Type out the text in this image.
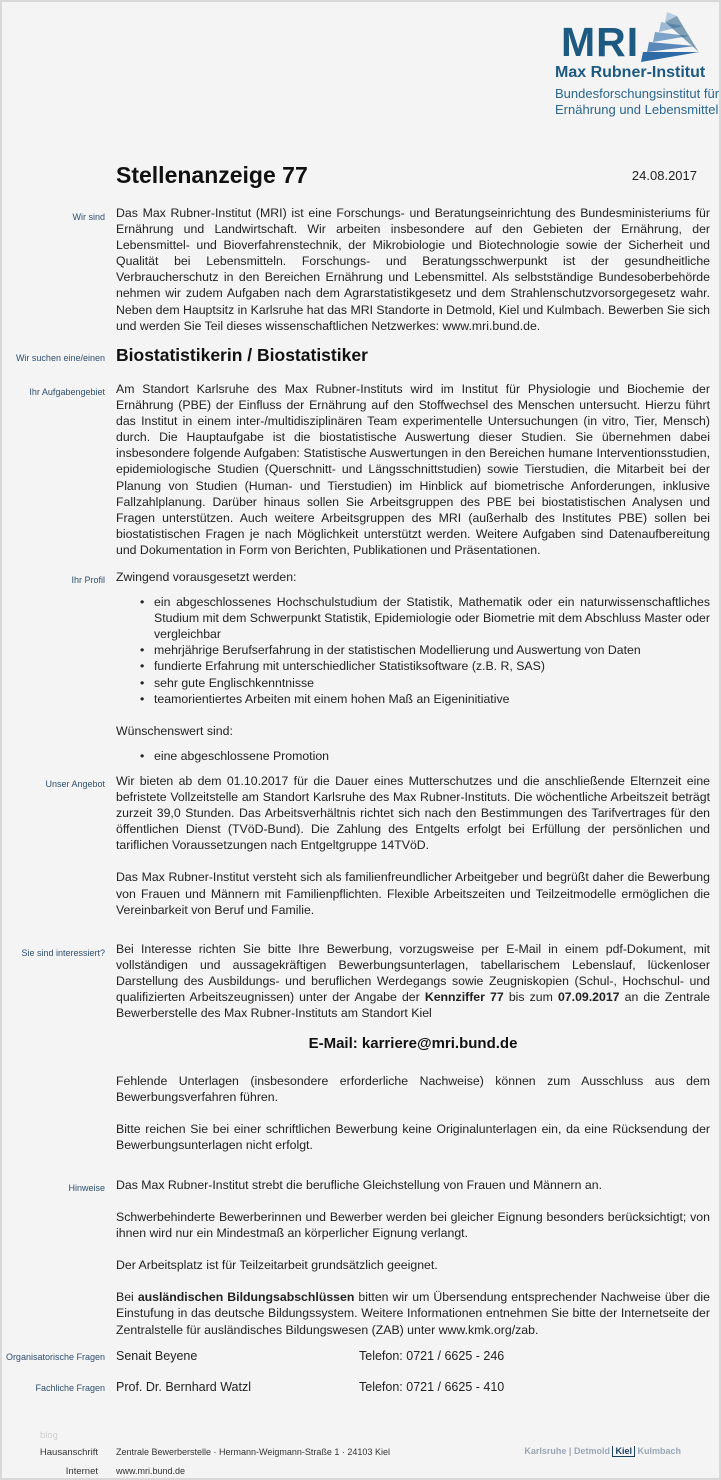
MRI
Max Rubner-Institut
Bundesforschungsinstitut für
Ernährung und Lebensmittel
Stellenanzeige 77	24.08.2017
Wir sind Das Max Rubner-Institut (MRI) ist eine Forschungs- und Beratungseinrichtung des Bundesministeriums für Ernährung und Landwirtschaft. Wir arbeiten insbesondere auf den Gebieten der Ernährung, der Lebensmittel- und Bioverfahrenstechnik, der Mikrobiologie und Biotechnologie sowie der Sicherheit und Qualität bei Lebensmitteln. Forschungs- und Beratungsschwerpunkt ist der gesundheitliche Verbraucherschutz in den Bereichen Ernährung und Lebensmittel. Als selbstständige Bundesoberbehörde nehmen wir zudem Aufgaben nach dem Agrarstatistikgesetz und dem Strahlenschutzvorsorgegesetz wahr. Neben dem Hauptsitz in Karlsruhe hat das MRI Standorte in Detmold, Kiel und Kulmbach. Bewerben Sie sich und werden Sie Teil dieses wissenschaftlichen Netzwerkes: www.mri.bund.de.
Wir suchen eine/einen Biostatistikerin / Biostatistiker
Ihr Aufgabengebiet Am Standort Karlsruhe des Max Rubner-Instituts wird im Institut für Physiologie und Biochemie der Ernährung (PBE) der Einfluss der Ernährung auf den Stoffwechsel des Menschen untersucht. Hierzu führt das Institut in einem inter-/multidisziplinären Team experimentelle Untersuchungen (in vitro, Tier, Mensch) durch. Die Hauptaufgabe ist die biostatistische Auswertung dieser Studien. Sie übernehmen dabei insbesondere folgende Aufgaben: Statistische Auswertungen in den Bereichen humane Interventionsstudien, epidemiologische Studien (Querschnitt- und Längsschnittstudien) sowie Tierstudien, die Mitarbeit bei der Planung von Studien (Human- und Tierstudien) im Hinblick auf biometrische Anforderungen, inklusive Fallzahlplanung. Darüber hinaus sollen Sie Arbeitsgruppen des PBE bei biostatistischen Analysen und Fragen unterstützen. Auch weitere Arbeitsgruppen des MRI (außerhalb des Institutes PBE) sollen bei biostatistischen Fragen je nach Möglichkeit unterstützt werden. Weitere Aufgaben sind Datenaufbereitung und Dokumentation in Form von Berichten, Publikationen und Präsentationen.
Ihr Profil Zwingend vorausgesetzt werden:

• ein abgeschlossenes Hochschulstudium der Statistik, Mathematik oder ein naturwissenschaftliches Studium mit dem Schwerpunkt Statistik, Epidemiologie oder Biometrie mit dem Abschluss Master oder vergleichbar
• mehrjährige Berufserfahrung in der statistischen Modellierung und Auswertung von Daten
• fundierte Erfahrung mit unterschiedlicher Statistiksoftware (z.B. R, SAS)
• sehr gute Englischkenntnisse
• teamorientiertes Arbeiten mit einem hohen Maß an Eigeninitiative

Wünschenswert sind:

• eine abgeschlossene Promotion
Unser Angebot Wir bieten ab dem 01.10.2017 für die Dauer eines Mutterschutzes und die anschließende Elternzeit eine befristete Vollzeitstelle am Standort Karlsruhe des Max Rubner-Instituts. Die wöchentliche Arbeitszeit beträgt zurzeit 39,0 Stunden. Das Arbeitsverhältnis richtet sich nach den Bestimmungen des Tarifvertrages für den öffentlichen Dienst (TVöD-Bund). Die Zahlung des Entgelts erfolgt bei Erfüllung der persönlichen und tariflichen Voraussetzungen nach Entgeltgruppe 14TVöD.

Das Max Rubner-Institut versteht sich als familienfreundlicher Arbeitgeber und begrüßt daher die Bewerbung von Frauen und Männern mit Familienpflichten. Flexible Arbeitszeiten und Teilzeitmodelle ermöglichen die Vereinbarkeit von Beruf und Familie.

Sie sind interessiert? Bei Interesse richten Sie bitte Ihre Bewerbung, vorzugsweise per E-Mail in einem pdf-Dokument, mit vollständigen und aussagekräftigen Bewerbungsunterlagen, tabellarischem Lebenslauf, lückenloser Darstellung des Ausbildungs- und beruflichen Werdegangs sowie Zeugniskopien (Schul-, Hochschul- und qualifizierten Arbeitszeugnissen) unter der Angabe der Kennziffer 77 bis zum 07.09.2017 an die Zentrale Bewerberstelle des Max Rubner-Instituts am Standort Kiel

E-Mail: karriere@mri.bund.de

Fehlende Unterlagen (insbesondere erforderliche Nachweise) können zum Ausschluss aus dem Bewerbungsverfahren führen.

Bitte reichen Sie bei einer schriftlichen Bewerbung keine Originalunterlagen ein, da eine Rücksendung der Bewerbungsunterlagen nicht erfolgt.

Hinweise Das Max Rubner-Institut strebt die berufliche Gleichstellung von Frauen und Männern an.

Schwerbehinderte Bewerberinnen und Bewerber werden bei gleicher Eignung besonders berücksichtigt; von ihnen wird nur ein Mindestmaß an körperlicher Eignung verlangt.

Der Arbeitsplatz ist für Teilzeitarbeit grundsätzlich geeignet.

Bei ausländischen Bildungsabschlüssen bitten wir um Übersendung entsprechender Nachweise über die Einstufung in das deutsche Bildungssystem. Weitere Informationen entnehmen Sie bitte der Internetseite der Zentralstelle für ausländisches Bildungswesen (ZAB) unter www.kmk.org/zab.

Organisatorische Fragen Senait Beyene	Telefon: 0721 / 6625 - 246
Fachliche Fragen Prof. Dr. Bernhard Watzl	Telefon: 0721 / 6625 - 410
blog
Hausanschrift Zentrale Bewerberstelle · Hermann-Weigmann-Straße 1 · 24103 Kiel
Internet www.mri.bund.de
Karlsruhe | Detmold Kiel Kulmbach
